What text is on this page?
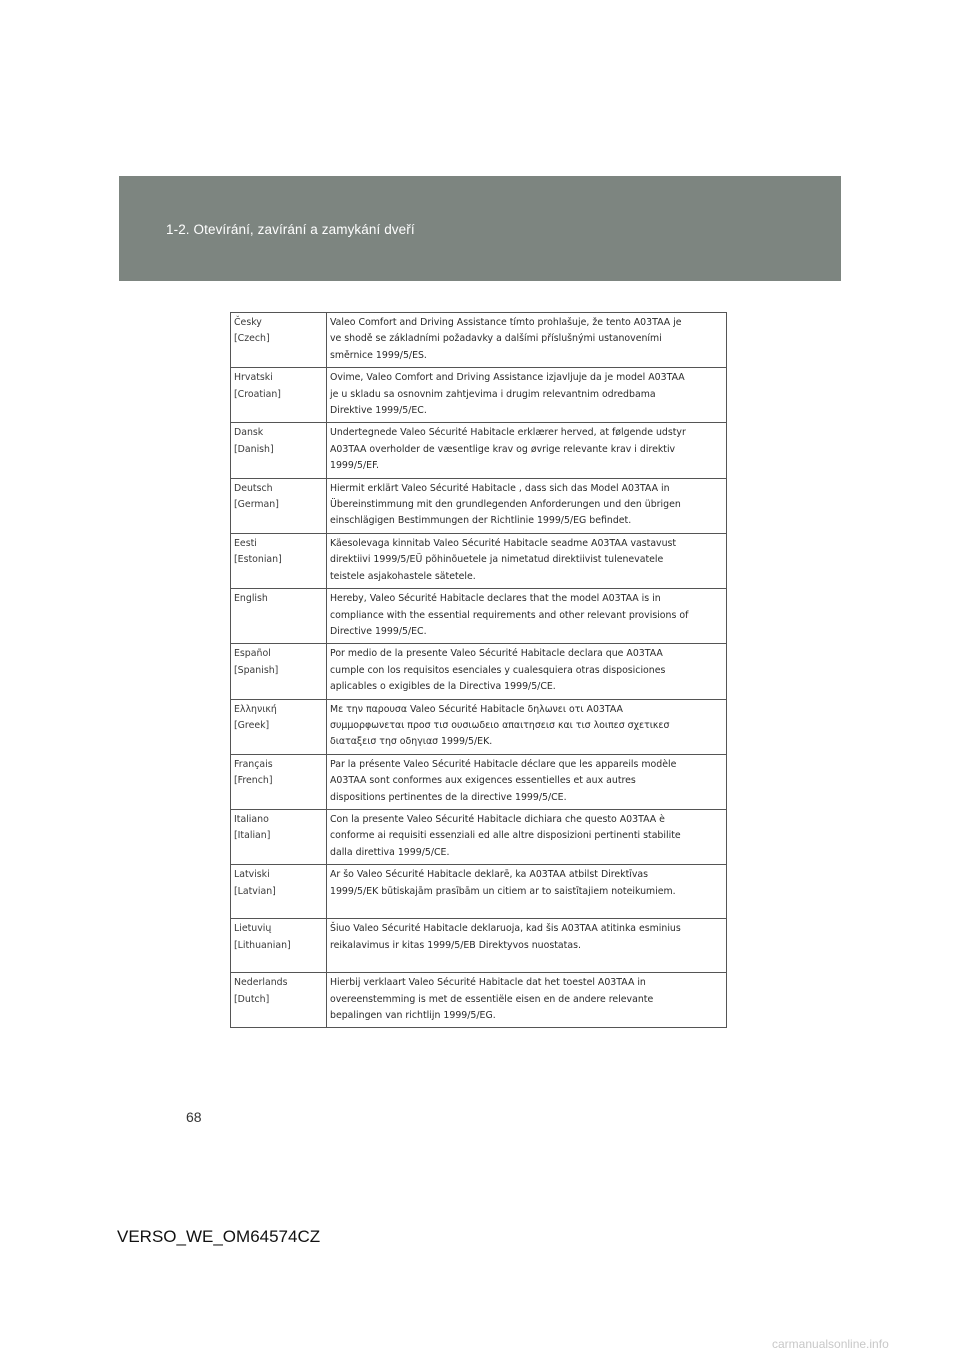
1-2. Otevírání, zavírání a zamykání dveří
Česky
[Czech]	Valeo Comfort and Driving Assistance tímto prohlašuje, že tento A03TAA je
ve shodě se základními požadavky a dalšími příslušnými ustanoveními
směrnice 1999/5/ES.

Hrvatski
[Croatian]	Ovime, Valeo Comfort and Driving Assistance izjavljuje da je model A03TAA
je u skladu sa osnovnim zahtjevima i drugim relevantnim odredbama
Direktive 1999/5/EC.

Dansk
[Danish]	Undertegnede Valeo Sécurité Habitacle erklærer herved, at følgende udstyr
A03TAA overholder de væsentlige krav og øvrige relevante krav i direktiv
1999/5/EF.

Deutsch
[German]	Hiermit erklärt Valeo Sécurité Habitacle , dass sich das Model A03TAA in
Übereinstimmung mit den grundlegenden Anforderungen und den übrigen
einschlägigen Bestimmungen der Richtlinie 1999/5/EG befindet.

Eesti
[Estonian]	Käesolevaga kinnitab Valeo Sécurité Habitacle seadme A03TAA vastavust
direktiivi 1999/5/EÜ põhinõuetele ja nimetatud direktiivist tulenevatele
teistele asjakohastele sätetele.

English	Hereby, Valeo Sécurité Habitacle declares that the model A03TAA is in
compliance with the essential requirements and other relevant provisions of
Directive 1999/5/EC.

Español
[Spanish]	Por medio de la presente Valeo Sécurité Habitacle declara que A03TAA
cumple con los requisitos esenciales y cualesquiera otras disposiciones
aplicables o exigibles de la Directiva 1999/5/CE.

Ελληνική
[Greek]	Με την παρουσα Valeo Sécurité Habitacle δηλωνει οτι A03TAA
συμμορφωνεται προσ τισ ουσιωδειο απαιτησεισ και τισ λοιπεσ σχετικεσ
διαταξεισ τησ οδηγιασ 1999/5/ΕΚ.

Français
[French]	Par la présente Valeo Sécurité Habitacle déclare que les appareils modèle
A03TAA sont conformes aux exigences essentielles et aux autres
dispositions pertinentes de la directive 1999/5/CE.

Italiano
[Italian]	Con la presente Valeo Sécurité Habitacle dichiara che questo A03TAA è
conforme ai requisiti essenziali ed alle altre disposizioni pertinenti stabilite
dalla direttiva 1999/5/CE.

Latviski
[Latvian]	Ar šo Valeo Sécurité Habitacle deklarē, ka A03TAA atbilst Direktīvas
1999/5/EK būtiskajām prasībām un citiem ar to saistītajiem noteikumiem.

Lietuvių
[Lithuanian]	Šiuo Valeo Sécurité Habitacle deklaruoja, kad šis A03TAA atitinka esminius
reikalavimus ir kitas 1999/5/EB Direktyvos nuostatas.

Nederlands
[Dutch]	Hierbij verklaart Valeo Sécurité Habitacle dat het toestel A03TAA in
overeenstemming is met de essentiële eisen en de andere relevante
bepalingen van richtlijn 1999/5/EG.
68
VERSO_WE_OM64574CZ
carmanualsonline.info
